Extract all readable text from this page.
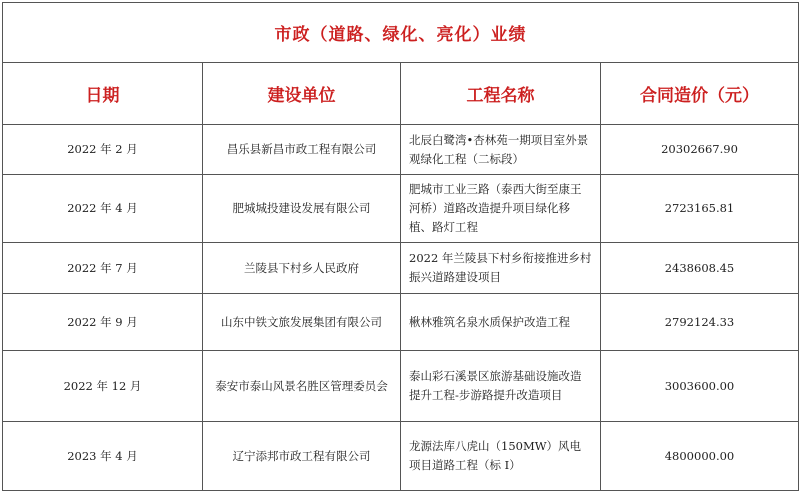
市政（道路、绿化、亮化）业绩			
日期	建设单位	工程名称	合同造价（元）
2022 年 2 月	昌乐县新昌市政工程有限公司	北辰白鹭湾•杏林苑一期项目室外景观绿化工程（二标段）	20302667.90
2022 年 4 月	肥城城投建设发展有限公司	肥城市工业三路（泰西大街至康王河桥）道路改造提升项目绿化移植、路灯工程	2723165.81
2022 年 7 月	兰陵县下村乡人民政府	2022 年兰陵县下村乡衔接推进乡村振兴道路建设项目	2438608.45
2022 年 9 月	山东中铁文旅发展集团有限公司	楸林雅筑名泉水质保护改造工程	2792124.33
2022 年 12 月	泰安市泰山风景名胜区管理委员会	泰山彩石溪景区旅游基础设施改造提升工程-步游路提升改造项目	3003600.00
2023 年 4 月	辽宁添邦市政工程有限公司	龙源法库八虎山（150MW）风电项目道路工程（标 I）	4800000.00
